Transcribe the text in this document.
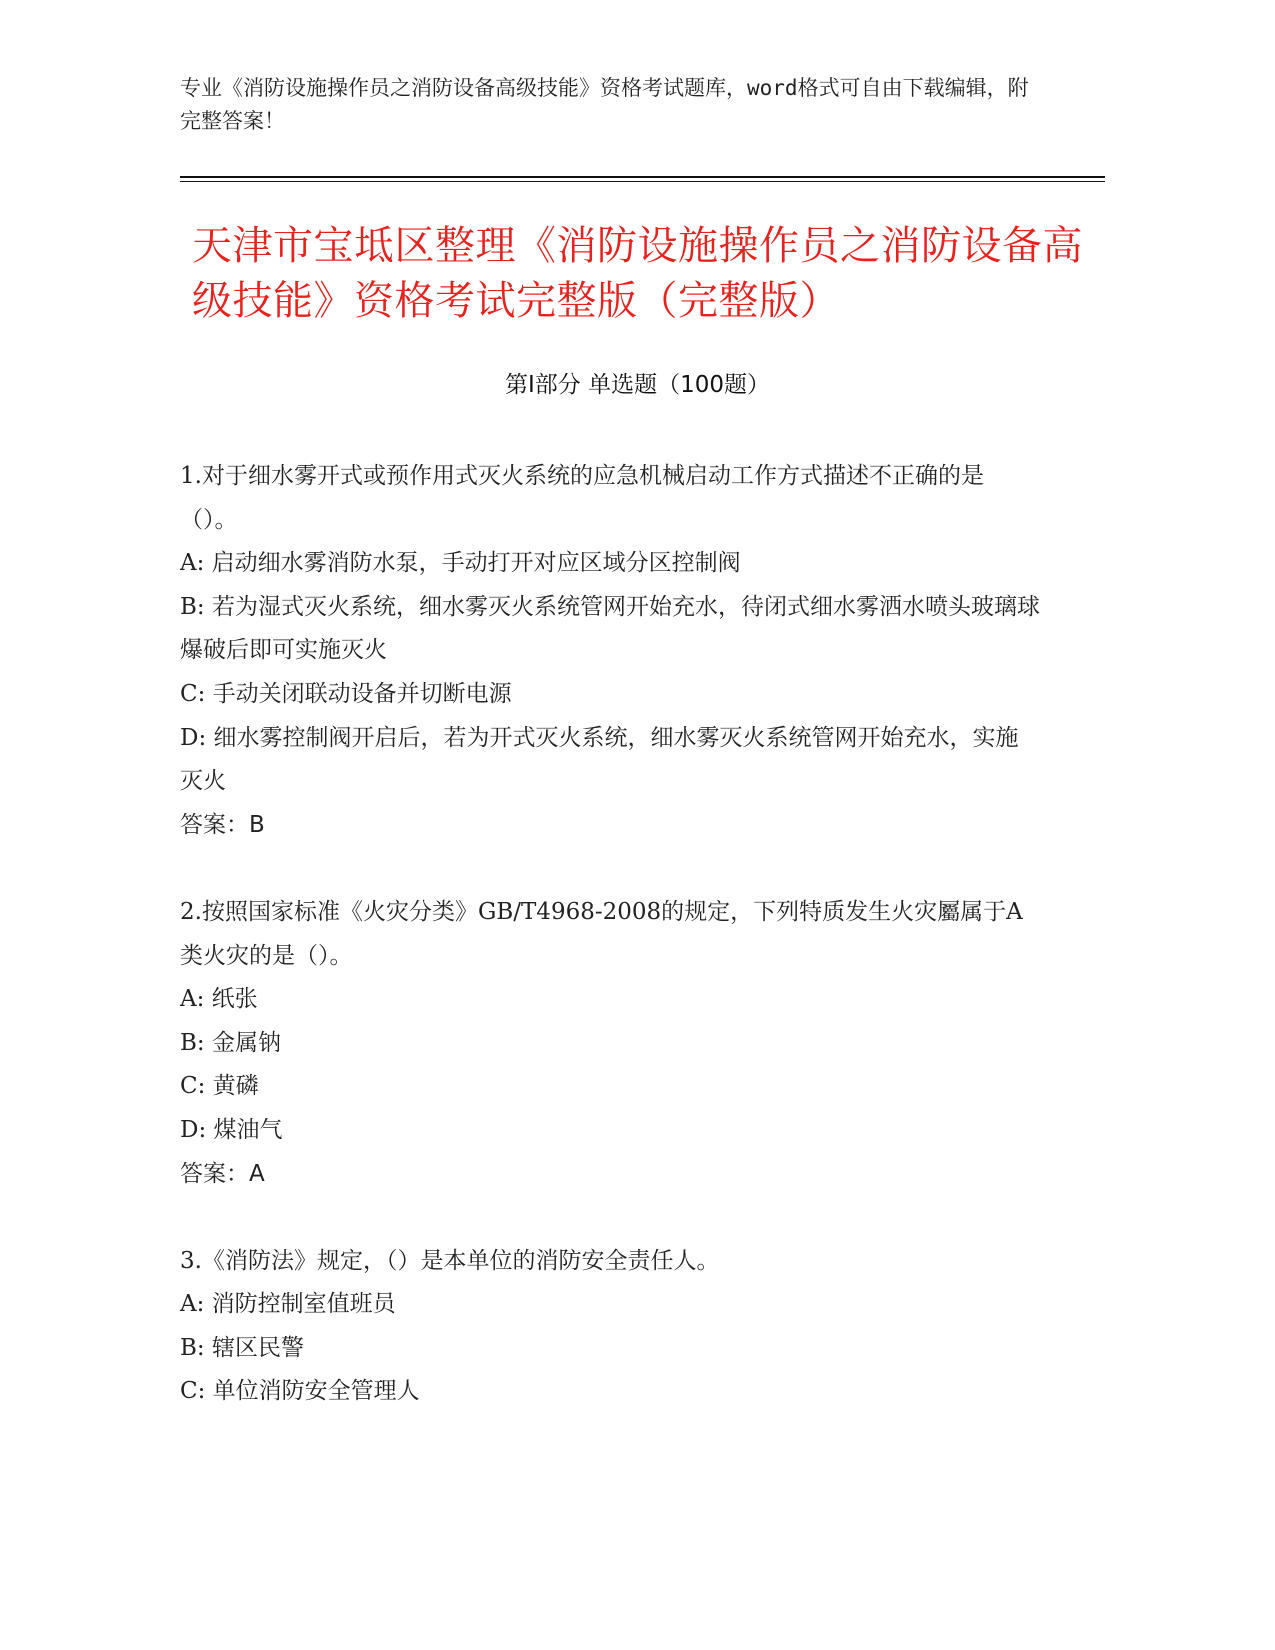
专业《消防设施操作员之消防设备高级技能》资格考试题库，word格式可自由下载编辑，附完整答案！
天津市宝坻区整理《消防设施操作员之消防设备高级技能》资格考试完整版（完整版）
第Ⅰ部分 单选题（100题）

1.对于细水雾开式或预作用式灭火系统的应急机械启动工作方式描述不正确的是（）。

A: 启动细水雾消防水泵，手动打开对应区域分区控制阀

B: 若为湿式灭火系统，细水雾灭火系统管网开始充水，待闭式细水雾洒水喷头玻璃球爆破后即可实施灭火

C: 手动关闭联动设备并切断电源

D: 细水雾控制阀开启后，若为开式灭火系统，细水雾灭火系统管网开始充水，实施灭火

答案：B

2.按照国家标准《火灾分类》GB/T4968-2008的规定，下列特质发生火灾屬属于A类火灾的是（）。

A: 纸张

B: 金属钠

C: 黄磷

D: 煤油气

答案：A

3.《消防法》规定，（）是本单位的消防安全责任人。

A: 消防控制室值班员

B: 辖区民警

C: 单位消防安全管理人
